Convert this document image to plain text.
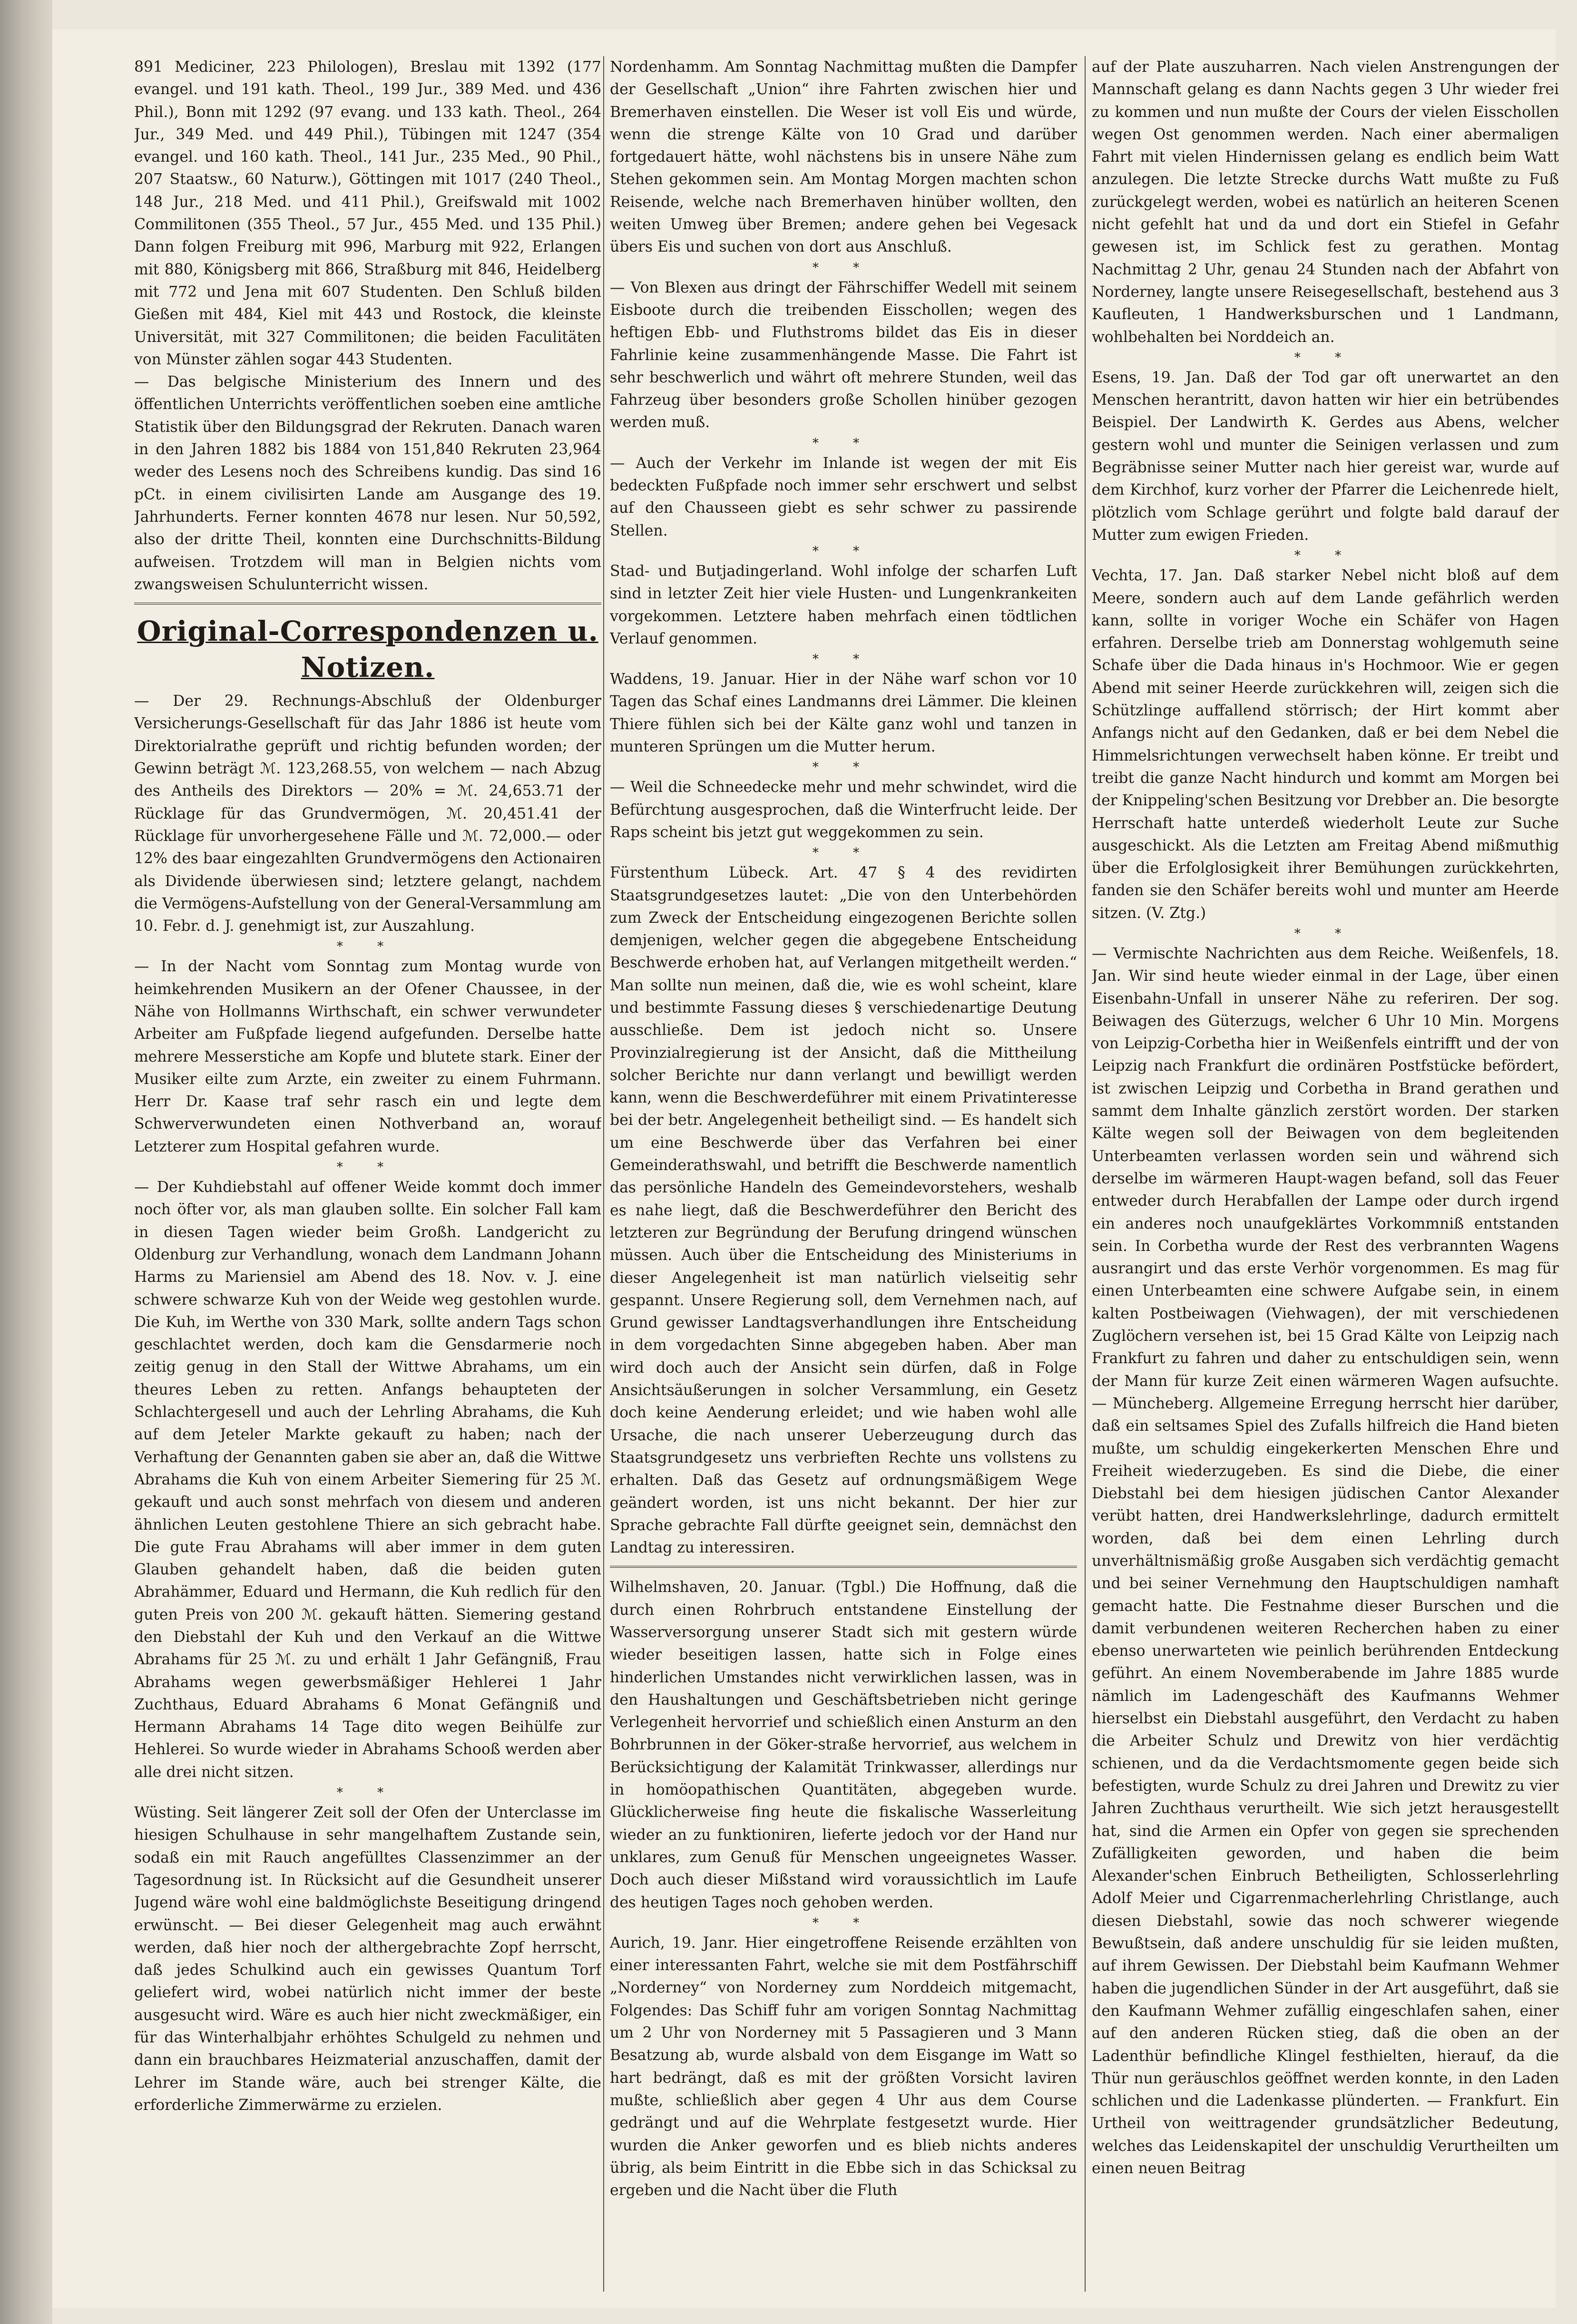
891 Mediciner, 223 Philologen), Breslau mit 1392 (177 evangel. und 191 kath. Theol., 199 Jur., 389 Med. und 436 Phil.), Bonn mit 1292 (97 evang. und 133 kath. Theol., 264 Jur., 349 Med. und 449 Phil.), Tübingen mit 1247 (354 evangel. und 160 kath. Theol., 141 Jur., 235 Med., 90 Phil., 207 Staatsw., 60 Naturw.), Göttingen mit 1017 (240 Theol., 148 Jur., 218 Med. und 411 Phil.), Greifswald mit 1002 Commilitonen (355 Theol., 57 Jur., 455 Med. und 135 Phil.) Dann folgen Freiburg mit 996, Marburg mit 922, Erlangen mit 880, Königsberg mit 866, Straßburg mit 846, Heidelberg mit 772 und Jena mit 607 Studenten. Den Schluß bilden Gießen mit 484, Kiel mit 443 und Rostock, die kleinste Universität, mit 327 Commilitonen; die beiden Faculitäten von Münster zählen sogar 443 Studenten.

— Das belgische Ministerium des Innern und des öffentlichen Unterrichts veröffentlichen soeben eine amtliche Statistik über den Bildungsgrad der Rekruten. Danach waren in den Jahren 1882 bis 1884 von 151,840 Rekruten 23,964 weder des Lesens noch des Schreibens kundig. Das sind 16 pCt. in einem civilisirten Lande am Ausgange des 19. Jahrhunderts. Ferner konnten 4678 nur lesen. Nur 50,592, also der dritte Theil, konnten eine Durchschnitts-Bildung aufweisen. Trotzdem will man in Belgien nichts vom zwangsweisen Schulunterricht wissen.

Original-Correspondenzen u. Notizen.

— Der 29. Rechnungs-Abschluß der Oldenburger Versicherungs-Gesellschaft für das Jahr 1886 ist heute vom Direktorialrathe geprüft und richtig befunden worden; der Gewinn beträgt ℳ. 123,268.55, von welchem — nach Abzug des Antheils des Direktors — 20% = ℳ. 24,653.71 der Rücklage für das Grundvermögen, ℳ. 20,451.41 der Rücklage für unvorhergesehene Fälle und ℳ. 72,000.— oder 12% des baar eingezahlten Grundvermögens den Actionairen als Dividende überwiesen sind; letztere gelangt, nachdem die Vermögens-Aufstellung von der General-Versammlung am 10. Febr. d. J. genehmigt ist, zur Auszahlung.

* *

— In der Nacht vom Sonntag zum Montag wurde von heimkehrenden Musikern an der Ofener Chaussee, in der Nähe von Hollmanns Wirthschaft, ein schwer verwundeter Arbeiter am Fußpfade liegend aufgefunden. Derselbe hatte mehrere Messerstiche am Kopfe und blutete stark. Einer der Musiker eilte zum Arzte, ein zweiter zu einem Fuhrmann. Herr Dr. Kaase traf sehr rasch ein und legte dem Schwerverwundeten einen Nothverband an, worauf Letzterer zum Hospital gefahren wurde.

* *

— Der Kuhdiebstahl auf offener Weide kommt doch immer noch öfter vor, als man glauben sollte. Ein solcher Fall kam in diesen Tagen wieder beim Großh. Landgericht zu Oldenburg zur Verhandlung, wonach dem Landmann Johann Harms zu Mariensiel am Abend des 18. Nov. v. J. eine schwere schwarze Kuh von der Weide weg gestohlen wurde. Die Kuh, im Werthe von 330 Mark, sollte andern Tags schon geschlachtet werden, doch kam die Gensdarmerie noch zeitig genug in den Stall der Wittwe Abrahams, um ein theures Leben zu retten. Anfangs behaupteten der Schlachtergesell und auch der Lehrling Abrahams, die Kuh auf dem Jeteler Markte gekauft zu haben; nach der Verhaftung der Genannten gaben sie aber an, daß die Wittwe Abrahams die Kuh von einem Arbeiter Siemering für 25 ℳ. gekauft und auch sonst mehrfach von diesem und anderen ähnlichen Leuten gestohlene Thiere an sich gebracht habe. Die gute Frau Abrahams will aber immer in dem guten Glauben gehandelt haben, daß die beiden guten Abrahämmer, Eduard und Hermann, die Kuh redlich für den guten Preis von 200 ℳ. gekauft hätten. Siemering gestand den Diebstahl der Kuh und den Verkauf an die Wittwe Abrahams für 25 ℳ. zu und erhält 1 Jahr Gefängniß, Frau Abrahams wegen gewerbsmäßiger Hehlerei 1 Jahr Zuchthaus, Eduard Abrahams 6 Monat Gefängniß und Hermann Abrahams 14 Tage dito wegen Beihülfe zur Hehlerei. So wurde wieder in Abrahams Schooß werden aber alle drei nicht sitzen.

* *

Wüsting. Seit längerer Zeit soll der Ofen der Unterclasse im hiesigen Schulhause in sehr mangelhaftem Zustande sein, sodaß ein mit Rauch angefülltes Classenzimmer an der Tagesordnung ist. In Rücksicht auf die Gesundheit unserer Jugend wäre wohl eine baldmöglichste Beseitigung dringend erwünscht. — Bei dieser Gelegenheit mag auch erwähnt werden, daß hier noch der althergebrachte Zopf herrscht, daß jedes Schulkind auch ein gewisses Quantum Torf geliefert wird, wobei natürlich nicht immer der beste ausgesucht wird. Wäre es auch hier nicht zweckmäßiger, ein für das Winterhalbjahr erhöhtes Schulgeld zu nehmen und dann ein brauchbares Heizmaterial anzuschaffen, damit der Lehrer im Stande wäre, auch bei strenger Kälte, die erforderliche Zimmerwärme zu erzielen.

Nordenhamm. Am Sonntag Nachmittag mußten die Dampfer der Gesellschaft „Union“ ihre Fahrten zwischen hier und Bremerhaven einstellen. Die Weser ist voll Eis und würde, wenn die strenge Kälte von 10 Grad und darüber fortgedauert hätte, wohl nächstens bis in unsere Nähe zum Stehen gekommen sein. Am Montag Morgen machten schon Reisende, welche nach Bremerhaven hinüber wollten, den weiten Umweg über Bremen; andere gehen bei Vegesack übers Eis und suchen von dort aus Anschluß.

* *

— Von Blexen aus dringt der Fährschiffer Wedell mit seinem Eisboote durch die treibenden Eisschollen; wegen des heftigen Ebb- und Fluthstroms bildet das Eis in dieser Fahrlinie keine zusammenhängende Masse. Die Fahrt ist sehr beschwerlich und währt oft mehrere Stunden, weil das Fahrzeug über besonders große Schollen hinüber gezogen werden muß.

* *

— Auch der Verkehr im Inlande ist wegen der mit Eis bedeckten Fußpfade noch immer sehr erschwert und selbst auf den Chausseen giebt es sehr schwer zu passirende Stellen.

* *

Stad- und Butjadingerland. Wohl infolge der scharfen Luft sind in letzter Zeit hier viele Husten- und Lungenkrankeiten vorgekommen. Letztere haben mehrfach einen tödtlichen Verlauf genommen.

* *

Waddens, 19. Januar. Hier in der Nähe warf schon vor 10 Tagen das Schaf eines Landmanns drei Lämmer. Die kleinen Thiere fühlen sich bei der Kälte ganz wohl und tanzen in munteren Sprüngen um die Mutter herum.

* *

— Weil die Schneedecke mehr und mehr schwindet, wird die Befürchtung ausgesprochen, daß die Winterfrucht leide. Der Raps scheint bis jetzt gut weggekommen zu sein.

* *

Fürstenthum Lübeck. Art. 47 § 4 des revidirten Staatsgrundgesetzes lautet: „Die von den Unterbehörden zum Zweck der Entscheidung eingezogenen Berichte sollen demjenigen, welcher gegen die abgegebene Entscheidung Beschwerde erhoben hat, auf Verlangen mitgetheilt werden.“ Man sollte nun meinen, daß die, wie es wohl scheint, klare und bestimmte Fassung dieses § verschiedenartige Deutung ausschließe. Dem ist jedoch nicht so. Unsere Provinzialregierung ist der Ansicht, daß die Mittheilung solcher Berichte nur dann verlangt und bewilligt werden kann, wenn die Beschwerdeführer mit einem Privatinteresse bei der betr. Angelegenheit betheiligt sind. — Es handelt sich um eine Beschwerde über das Verfahren bei einer Gemeinderathswahl, und betrifft die Beschwerde namentlich das persönliche Handeln des Gemeindevorstehers, weshalb es nahe liegt, daß die Beschwerdeführer den Bericht des letzteren zur Begründung der Berufung dringend wünschen müssen. Auch über die Entscheidung des Ministeriums in dieser Angelegenheit ist man natürlich vielseitig sehr gespannt. Unsere Regierung soll, dem Vernehmen nach, auf Grund gewisser Landtagsverhandlungen ihre Entscheidung in dem vorgedachten Sinne abgegeben haben. Aber man wird doch auch der Ansicht sein dürfen, daß in Folge Ansichtsäußerungen in solcher Versammlung, ein Gesetz doch keine Aenderung erleidet; und wie haben wohl alle Ursache, die nach unserer Ueberzeugung durch das Staatsgrundgesetz uns verbrieften Rechte uns vollstens zu erhalten. Daß das Gesetz auf ordnungsmäßigem Wege geändert worden, ist uns nicht bekannt. Der hier zur Sprache gebrachte Fall dürfte geeignet sein, demnächst den Landtag zu interessiren.

Wilhelmshaven, 20. Januar. (Tgbl.) Die Hoffnung, daß die durch einen Rohrbruch entstandene Einstellung der Wasserversorgung unserer Stadt sich mit gestern würde wieder beseitigen lassen, hatte sich in Folge eines hinderlichen Umstandes nicht verwirklichen lassen, was in den Haushaltungen und Geschäftsbetrieben nicht geringe Verlegenheit hervorrief und schießlich einen Ansturm an den Bohrbrunnen in der Göker-straße hervorrief, aus welchem in Berücksichtigung der Kalamität Trinkwasser, allerdings nur in homöopathischen Quantitäten, abgegeben wurde. Glücklicherweise fing heute die fiskalische Wasserleitung wieder an zu funktioniren, lieferte jedoch vor der Hand nur unklares, zum Genuß für Menschen ungeeignetes Wasser. Doch auch dieser Mißstand wird voraussichtlich im Laufe des heutigen Tages noch gehoben werden.

* *

Aurich, 19. Janr. Hier eingetroffene Reisende erzählten von einer interessanten Fahrt, welche sie mit dem Postfährschiff „Norderney“ von Norderney zum Norddeich mitgemacht, Folgendes: Das Schiff fuhr am vorigen Sonntag Nachmittag um 2 Uhr von Norderney mit 5 Passagieren und 3 Mann Besatzung ab, wurde alsbald von dem Eisgange im Watt so hart bedrängt, daß es mit der größten Vorsicht laviren mußte, schließlich aber gegen 4 Uhr aus dem Course gedrängt und auf die Wehrplate festgesetzt wurde. Hier wurden die Anker geworfen und es blieb nichts anderes übrig, als beim Eintritt in die Ebbe sich in das Schicksal zu ergeben und die Nacht über die Fluth

auf der Plate auszuharren. Nach vielen Anstrengungen der Mannschaft gelang es dann Nachts gegen 3 Uhr wieder frei zu kommen und nun mußte der Cours der vielen Eisschollen wegen Ost genommen werden. Nach einer abermaligen Fahrt mit vielen Hindernissen gelang es endlich beim Watt anzulegen. Die letzte Strecke durchs Watt mußte zu Fuß zurückgelegt werden, wobei es natürlich an heiteren Scenen nicht gefehlt hat und da und dort ein Stiefel in Gefahr gewesen ist, im Schlick fest zu gerathen. Montag Nachmittag 2 Uhr, genau 24 Stunden nach der Abfahrt von Norderney, langte unsere Reisegesellschaft, bestehend aus 3 Kaufleuten, 1 Handwerksburschen und 1 Landmann, wohlbehalten bei Norddeich an.

* *

Esens, 19. Jan. Daß der Tod gar oft unerwartet an den Menschen herantritt, davon hatten wir hier ein betrübendes Beispiel. Der Landwirth K. Gerdes aus Abens, welcher gestern wohl und munter die Seinigen verlassen und zum Begräbnisse seiner Mutter nach hier gereist war, wurde auf dem Kirchhof, kurz vorher der Pfarrer die Leichenrede hielt, plötzlich vom Schlage gerührt und folgte bald darauf der Mutter zum ewigen Frieden.

* *

Vechta, 17. Jan. Daß starker Nebel nicht bloß auf dem Meere, sondern auch auf dem Lande gefährlich werden kann, sollte in voriger Woche ein Schäfer von Hagen erfahren. Derselbe trieb am Donnerstag wohlgemuth seine Schafe über die Dada hinaus in's Hochmoor. Wie er gegen Abend mit seiner Heerde zurückkehren will, zeigen sich die Schützlinge auffallend störrisch; der Hirt kommt aber Anfangs nicht auf den Gedanken, daß er bei dem Nebel die Himmelsrichtungen verwechselt haben könne. Er treibt und treibt die ganze Nacht hindurch und kommt am Morgen bei der Knippeling'schen Besitzung vor Drebber an. Die besorgte Herrschaft hatte unterdeß wiederholt Leute zur Suche ausgeschickt. Als die Letzten am Freitag Abend mißmuthig über die Erfolglosigkeit ihrer Bemühungen zurückkehrten, fanden sie den Schäfer bereits wohl und munter am Heerde sitzen. (V. Ztg.)

* *

— Vermischte Nachrichten aus dem Reiche. Weißenfels, 18. Jan. Wir sind heute wieder einmal in der Lage, über einen Eisenbahn-Unfall in unserer Nähe zu referiren. Der sog. Beiwagen des Güterzugs, welcher 6 Uhr 10 Min. Morgens von Leipzig-Corbetha hier in Weißenfels eintrifft und der von Leipzig nach Frankfurt die ordinären Postfstücke befördert, ist zwischen Leipzig und Corbetha in Brand gerathen und sammt dem Inhalte gänzlich zerstört worden. Der starken Kälte wegen soll der Beiwagen von dem begleitenden Unterbeamten verlassen worden sein und während sich derselbe im wärmeren Haupt-wagen befand, soll das Feuer entweder durch Herabfallen der Lampe oder durch irgend ein anderes noch unaufgeklärtes Vorkommniß entstanden sein. In Corbetha wurde der Rest des verbrannten Wagens ausrangirt und das erste Verhör vorgenommen. Es mag für einen Unterbeamten eine schwere Aufgabe sein, in einem kalten Postbeiwagen (Viehwagen), der mit verschiedenen Zuglöchern versehen ist, bei 15 Grad Kälte von Leipzig nach Frankfurt zu fahren und daher zu entschuldigen sein, wenn der Mann für kurze Zeit einen wärmeren Wagen aufsuchte. — Müncheberg. Allgemeine Erregung herrscht hier darüber, daß ein seltsames Spiel des Zufalls hilfreich die Hand bieten mußte, um schuldig eingekerkerten Menschen Ehre und Freiheit wiederzugeben. Es sind die Diebe, die einer Diebstahl bei dem hiesigen jüdischen Cantor Alexander verübt hatten, drei Handwerkslehrlinge, dadurch ermittelt worden, daß bei dem einen Lehrling durch unverhältnismäßig große Ausgaben sich verdächtig gemacht und bei seiner Vernehmung den Hauptschuldigen namhaft gemacht hatte. Die Festnahme dieser Burschen und die damit verbundenen weiteren Recherchen haben zu einer ebenso unerwarteten wie peinlich berührenden Entdeckung geführt. An einem Novemberabende im Jahre 1885 wurde nämlich im Ladengeschäft des Kaufmanns Wehmer hierselbst ein Diebstahl ausgeführt, den Verdacht zu haben die Arbeiter Schulz und Drewitz von hier verdächtig schienen, und da die Verdachtsmomente gegen beide sich befestigten, wurde Schulz zu drei Jahren und Drewitz zu vier Jahren Zuchthaus verurtheilt. Wie sich jetzt herausgestellt hat, sind die Armen ein Opfer von gegen sie sprechenden Zufälligkeiten geworden, und haben die beim Alexander'schen Einbruch Betheiligten, Schlosserlehrling Adolf Meier und Cigarrenmacherlehrling Christlange, auch diesen Diebstahl, sowie das noch schwerer wiegende Bewußtsein, daß andere unschuldig für sie leiden mußten, auf ihrem Gewissen. Der Diebstahl beim Kaufmann Wehmer haben die jugendlichen Sünder in der Art ausgeführt, daß sie den Kaufmann Wehmer zufällig eingeschlafen sahen, einer auf den anderen Rücken stieg, daß die oben an der Ladenthür befindliche Klingel festhielten, hierauf, da die Thür nun geräuschlos geöffnet werden konnte, in den Laden schlichen und die Ladenkasse plünderten. — Frankfurt. Ein Urtheil von weittragender grundsätzlicher Bedeutung, welches das Leidenskapitel der unschuldig Verurtheilten um einen neuen Beitrag
